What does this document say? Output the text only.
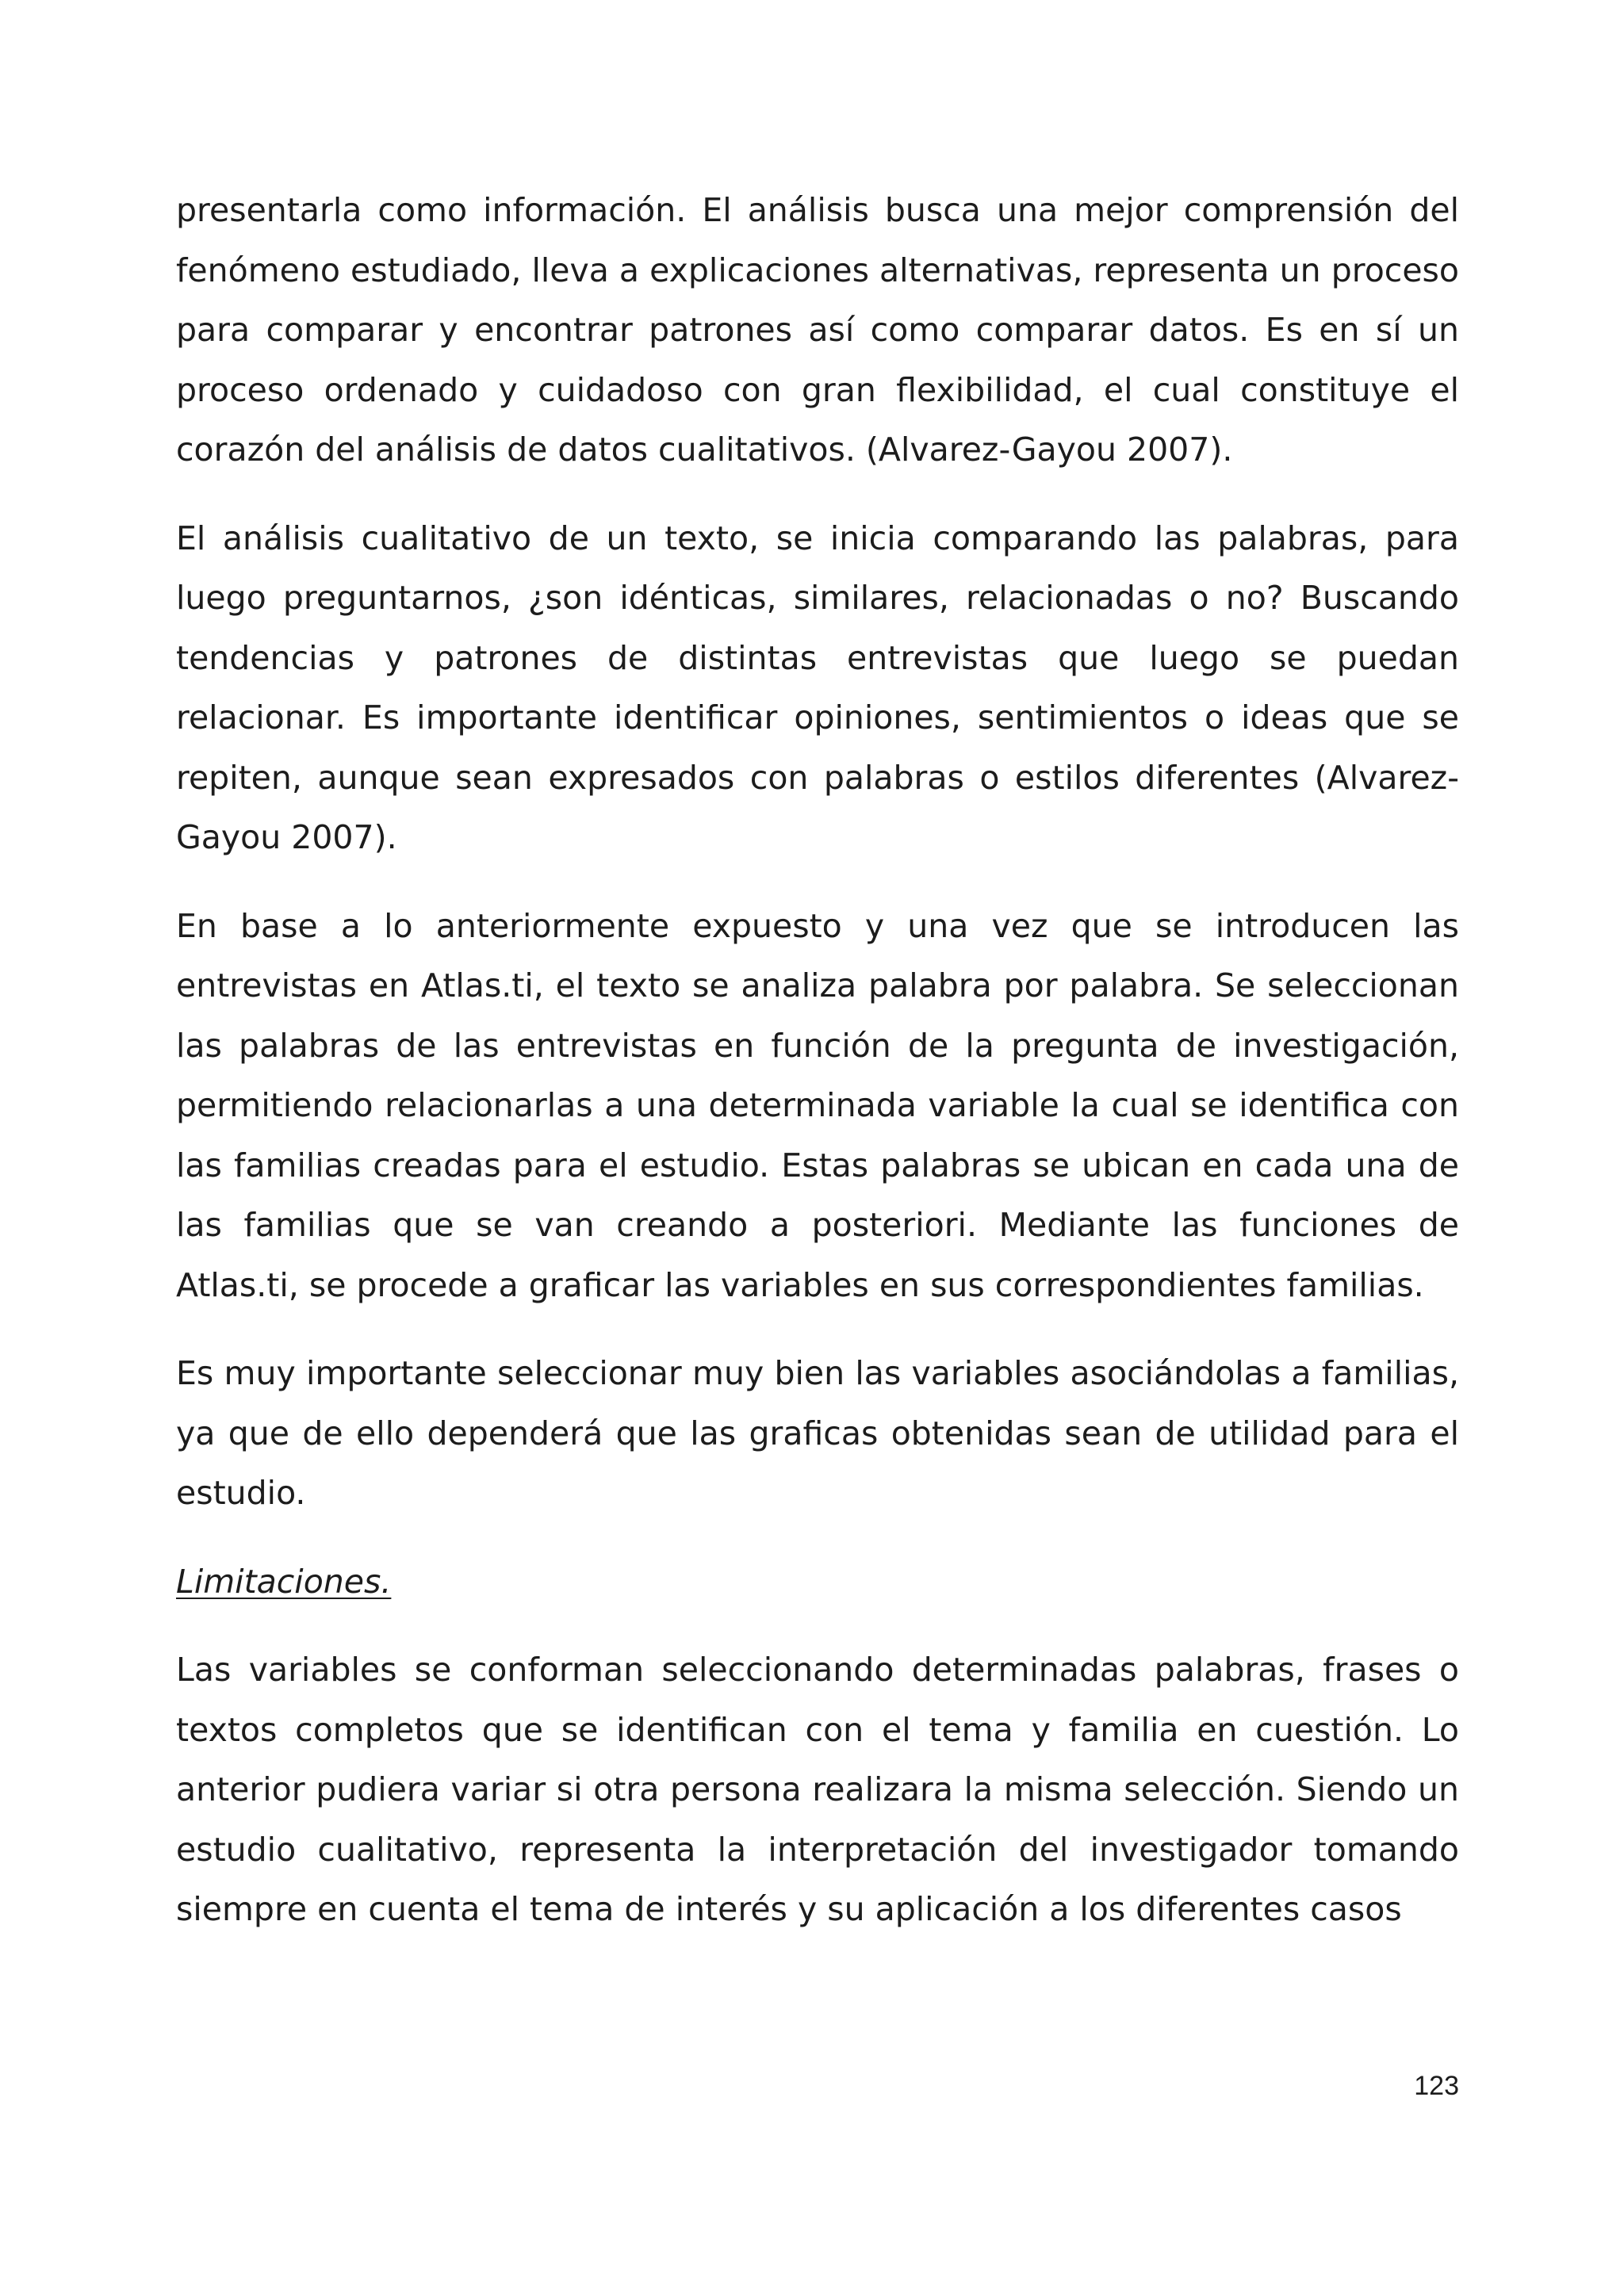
presentarla como información. El análisis busca una mejor comprensión del fenómeno estudiado, lleva a explicaciones alternativas, representa un proceso para comparar y encontrar patrones así como comparar datos. Es en sí un proceso ordenado y cuidadoso con gran flexibilidad, el cual constituye el corazón del análisis de datos cualitativos. (Alvarez-Gayou 2007).

El análisis cualitativo de un texto, se inicia comparando las palabras, para luego preguntarnos, ¿son idénticas, similares, relacionadas o no? Buscando tendencias y patrones de distintas entrevistas que luego se puedan relacionar. Es importante identificar opiniones, sentimientos o ideas que se repiten, aunque sean expresados con palabras o estilos diferentes (Alvarez-Gayou 2007).

En base a lo anteriormente expuesto y una vez que se introducen las entrevistas en Atlas.ti, el texto se analiza palabra por palabra. Se seleccionan las palabras de las entrevistas en función de la pregunta de investigación, permitiendo relacionarlas a una determinada variable la cual se identifica con las familias creadas para el estudio. Estas palabras se ubican en cada una de las familias que se van creando a posteriori. Mediante las funciones de Atlas.ti, se procede a graficar las variables en sus correspondientes familias.

Es muy importante seleccionar muy bien las variables asociándolas a familias, ya que de ello dependerá que las graficas obtenidas sean de utilidad para el estudio.

Limitaciones.

Las variables se conforman seleccionando determinadas palabras, frases o textos completos que se identifican con el tema y familia en cuestión. Lo anterior pudiera variar si otra persona realizara la misma selección. Siendo un estudio cualitativo, representa la interpretación del investigador tomando siempre en cuenta el tema de interés y su aplicación a los diferentes casos

123
